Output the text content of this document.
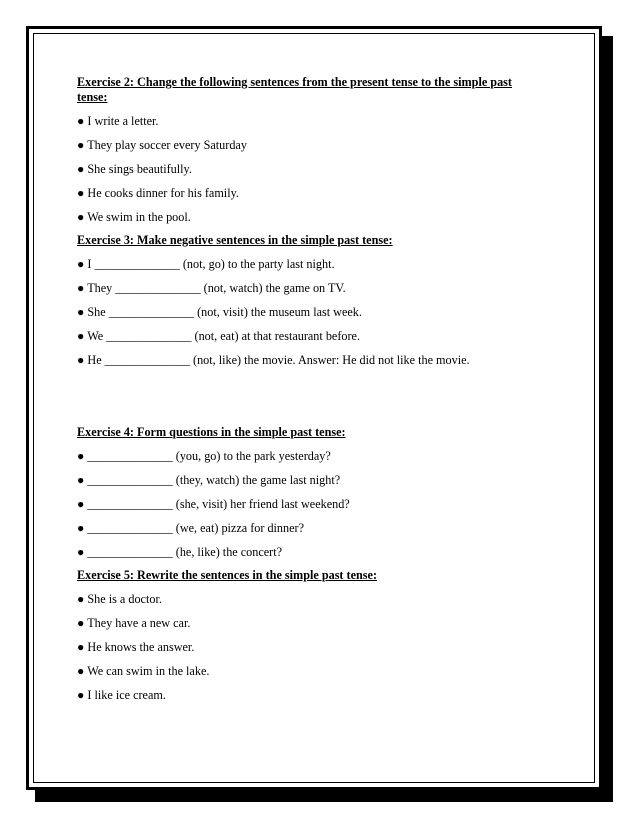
Exercise 2: Change the following sentences from the present tense to the simple past
tense:

● I write a letter.

● They play soccer every Saturday

● She sings beautifully.

● He cooks dinner for his family.

● We swim in the pool.

Exercise 3: Make negative sentences in the simple past tense:

● I ______________ (not, go) to the party last night.

● They ______________ (not, watch) the game on TV.

● She ______________ (not, visit) the museum last week.

● We ______________ (not, eat) at that restaurant before.

● He ______________ (not, like) the movie. Answer: He did not like the movie.

Exercise 4: Form questions in the simple past tense:

● ______________ (you, go) to the park yesterday?

● ______________ (they, watch) the game last night?

● ______________ (she, visit) her friend last weekend?

● ______________ (we, eat) pizza for dinner?

● ______________ (he, like) the concert?

Exercise 5: Rewrite the sentences in the simple past tense:

● She is a doctor.

● They have a new car.

● He knows the answer.

● We can swim in the lake.

● I like ice cream.
